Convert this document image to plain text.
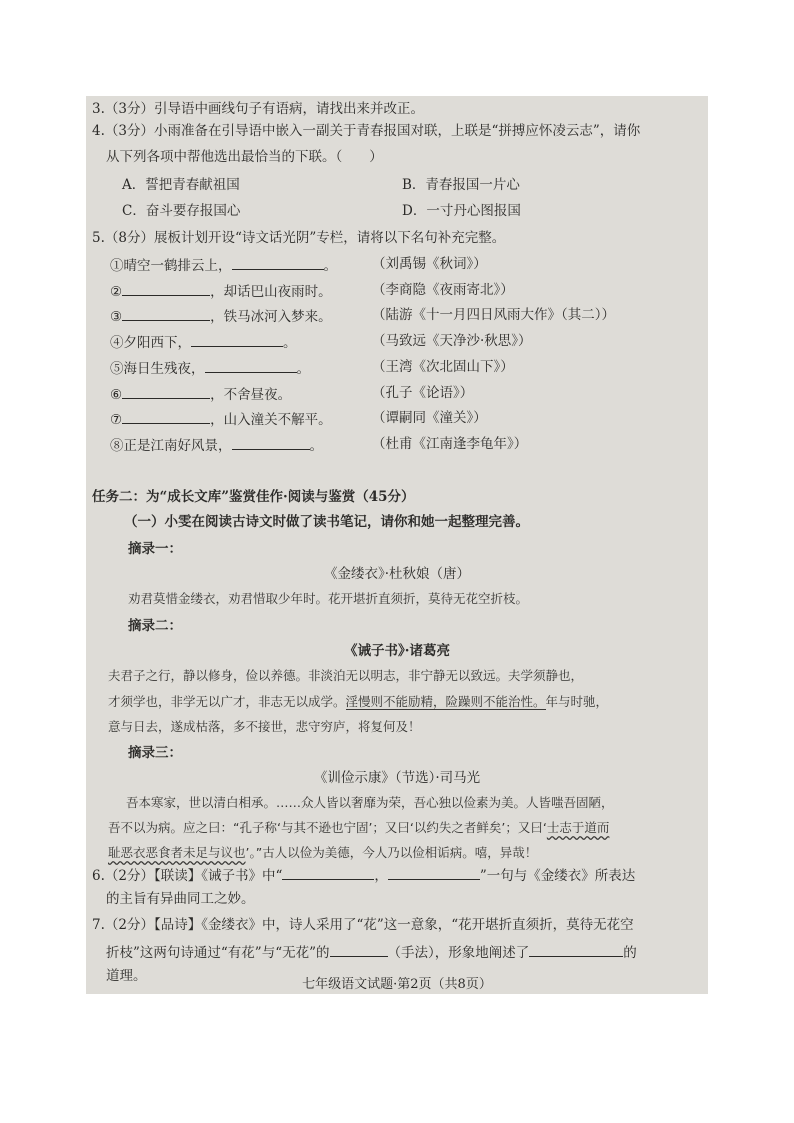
3.（3分）引导语中画线句子有语病，请找出来并改正。
4.（3分）小雨准备在引导语中嵌入一副关于青春报国对联，上联是“拼搏应怀凌云志”，请你
从下列各项中帮他选出最恰当的下联。（　　）
A．誓把青春献祖国	B．青春报国一片心
C．奋斗要存报国心	D．一寸丹心图报国
5.（8分）展板计划开设“诗文话光阴”专栏，请将以下名句补充完整。
①晴空一鹤排云上，	。	（刘禹锡《秋词》）
②	，却话巴山夜雨时。	（李商隐《夜雨寄北》）
③	，铁马冰河入梦来。	（陆游《十一月四日风雨大作》（其二））
④夕阳西下，	。	（马致远《天净沙·秋思》）
⑤海日生残夜，	。	（王湾《次北固山下》）
⑥	，不舍昼夜。	（孔子《论语》）
⑦	，山入潼关不解平。	（谭嗣同《潼关》）
⑧正是江南好风景，	。	（杜甫《江南逢李龟年》）
任务二：为“成长文库”鉴赏佳作·阅读与鉴赏（45分）
（一）小雯在阅读古诗文时做了读书笔记，请你和她一起整理完善。
摘录一：
《金缕衣》·杜秋娘（唐）
劝君莫惜金缕衣，劝君惜取少年时。花开堪折直须折，莫待无花空折枝。
摘录二：
《诫子书》·诸葛亮
夫君子之行，静以修身，俭以养德。非淡泊无以明志，非宁静无以致远。夫学须静也，
才须学也，非学无以广才，非志无以成学。淫慢则不能励精，险躁则不能治性。年与时驰，
意与日去，遂成枯落，多不接世，悲守穷庐，将复何及！
摘录三：
《训俭示康》（节选）·司马光
吾本寒家，世以清白相承。……众人皆以奢靡为荣，吾心独以俭素为美。人皆嗤吾固陋，
吾不以为病。应之曰：“孔子称‘与其不逊也宁固’；又曰‘以约失之者鲜矣’；又曰‘士志于道而
耻恶衣恶食者未足与议也’。”古人以俭为美德，今人乃以俭相诟病。嘻，异哉！
6.（2分）【联读】《诫子书》中“	，	”一句与《金缕衣》所表达
的主旨有异曲同工之妙。
7.（2分）【品诗】《金缕衣》中，诗人采用了“花”这一意象，“花开堪折直须折，莫待无花空
折枝”这两句诗通过“有花”与“无花”的	（手法），形象地阐述了	的
道理。
七年级语文试题·第2页（共8页）
